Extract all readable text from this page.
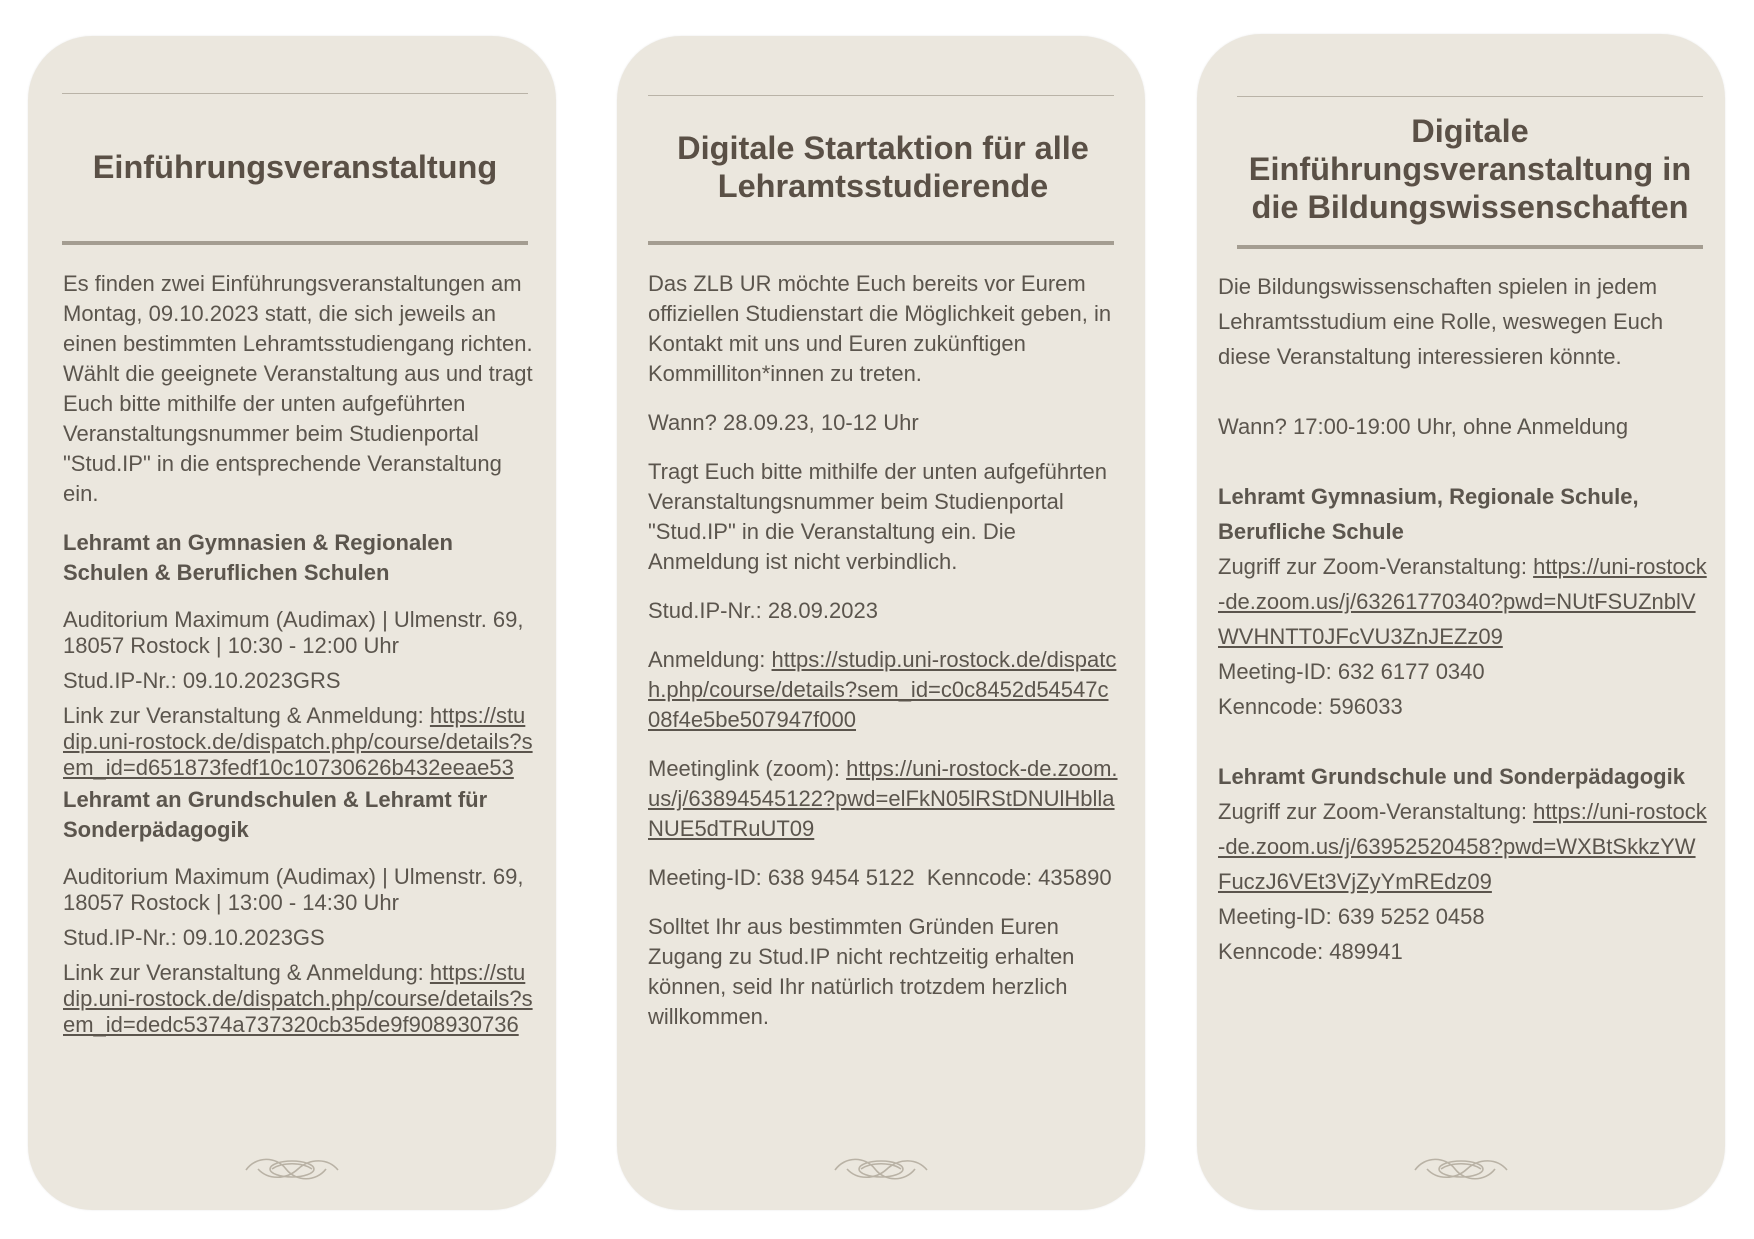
Einführungsveranstaltung

Es finden zwei Einführungsveranstaltungen am Montag, 09.10.2023 statt, die sich jeweils an einen bestimmten Lehramtsstudiengang richten. Wählt die geeignete Veranstaltung aus und tragt Euch bitte mithilfe der unten aufgeführten Veranstaltungsnummer beim Studienportal "Stud.IP" in die entsprechende Veranstaltung ein.

Lehramt an Gymnasien & Regionalen Schulen & Beruflichen Schulen

Auditorium Maximum (Audimax) | Ulmenstr. 69, 18057 Rostock | 10:30 - 12:00 Uhr

Stud.IP-Nr.: 09.10.2023GRS

Link zur Veranstaltung & Anmeldung: https://studip.uni-rostock.de/dispatch.php/course/details?sem_id=d651873fedf10c10730626b432eeae53

Lehramt an Grundschulen & Lehramt für Sonderpädagogik

Auditorium Maximum (Audimax) | Ulmenstr. 69, 18057 Rostock | 13:00 - 14:30 Uhr

Stud.IP-Nr.: 09.10.2023GS

Link zur Veranstaltung & Anmeldung: https://studip.uni-rostock.de/dispatch.php/course/details?sem_id=dedc5374a737320cb35de9f908930736

Digitale Startaktion für alle Lehramtsstudierende

Das ZLB UR möchte Euch bereits vor Eurem offiziellen Studienstart die Möglichkeit geben, in Kontakt mit uns und Euren zukünftigen Kommilliton*innen zu treten.

Wann? 28.09.23, 10-12 Uhr

Tragt Euch bitte mithilfe der unten aufgeführten Veranstaltungsnummer beim Studienportal "Stud.IP" in die Veranstaltung ein. Die Anmeldung ist nicht verbindlich.

Stud.IP-Nr.: 28.09.2023

Anmeldung: https://studip.uni-rostock.de/dispatch.php/course/details?sem_id=c0c8452d54547c08f4e5be507947f000

Meetinglink (zoom): https://uni-rostock-de.zoom.us/j/63894545122?pwd=elFkN05lRStDNUlHbllaNUE5dTRuUT09

Meeting-ID: 638 9454 5122  Kenncode: 435890

Solltet Ihr aus bestimmten Gründen Euren Zugang zu Stud.IP nicht rechtzeitig erhalten können, seid Ihr natürlich trotzdem herzlich willkommen.

Digitale Einführungsveranstaltung in die Bildungswissenschaften

Die Bildungswissenschaften spielen in jedem Lehramtsstudium eine Rolle, weswegen Euch diese Veranstaltung interessieren könnte.

Wann? 17:00-19:00 Uhr, ohne Anmeldung

Lehramt Gymnasium, Regionale Schule, Berufliche Schule

Zugriff zur Zoom-Veranstaltung: https://uni-rostock-de.zoom.us/j/63261770340?pwd=NUtFSUZnblVWVHNTT0JFcVU3ZnJEZz09

Meeting-ID: 632 6177 0340

Kenncode: 596033

Lehramt Grundschule und Sonderpädagogik

Zugriff zur Zoom-Veranstaltung: https://uni-rostock-de.zoom.us/j/63952520458?pwd=WXBtSkkzYWFuczJ6VEt3VjZyYmREdz09

Meeting-ID: 639 5252 0458

Kenncode: 489941
